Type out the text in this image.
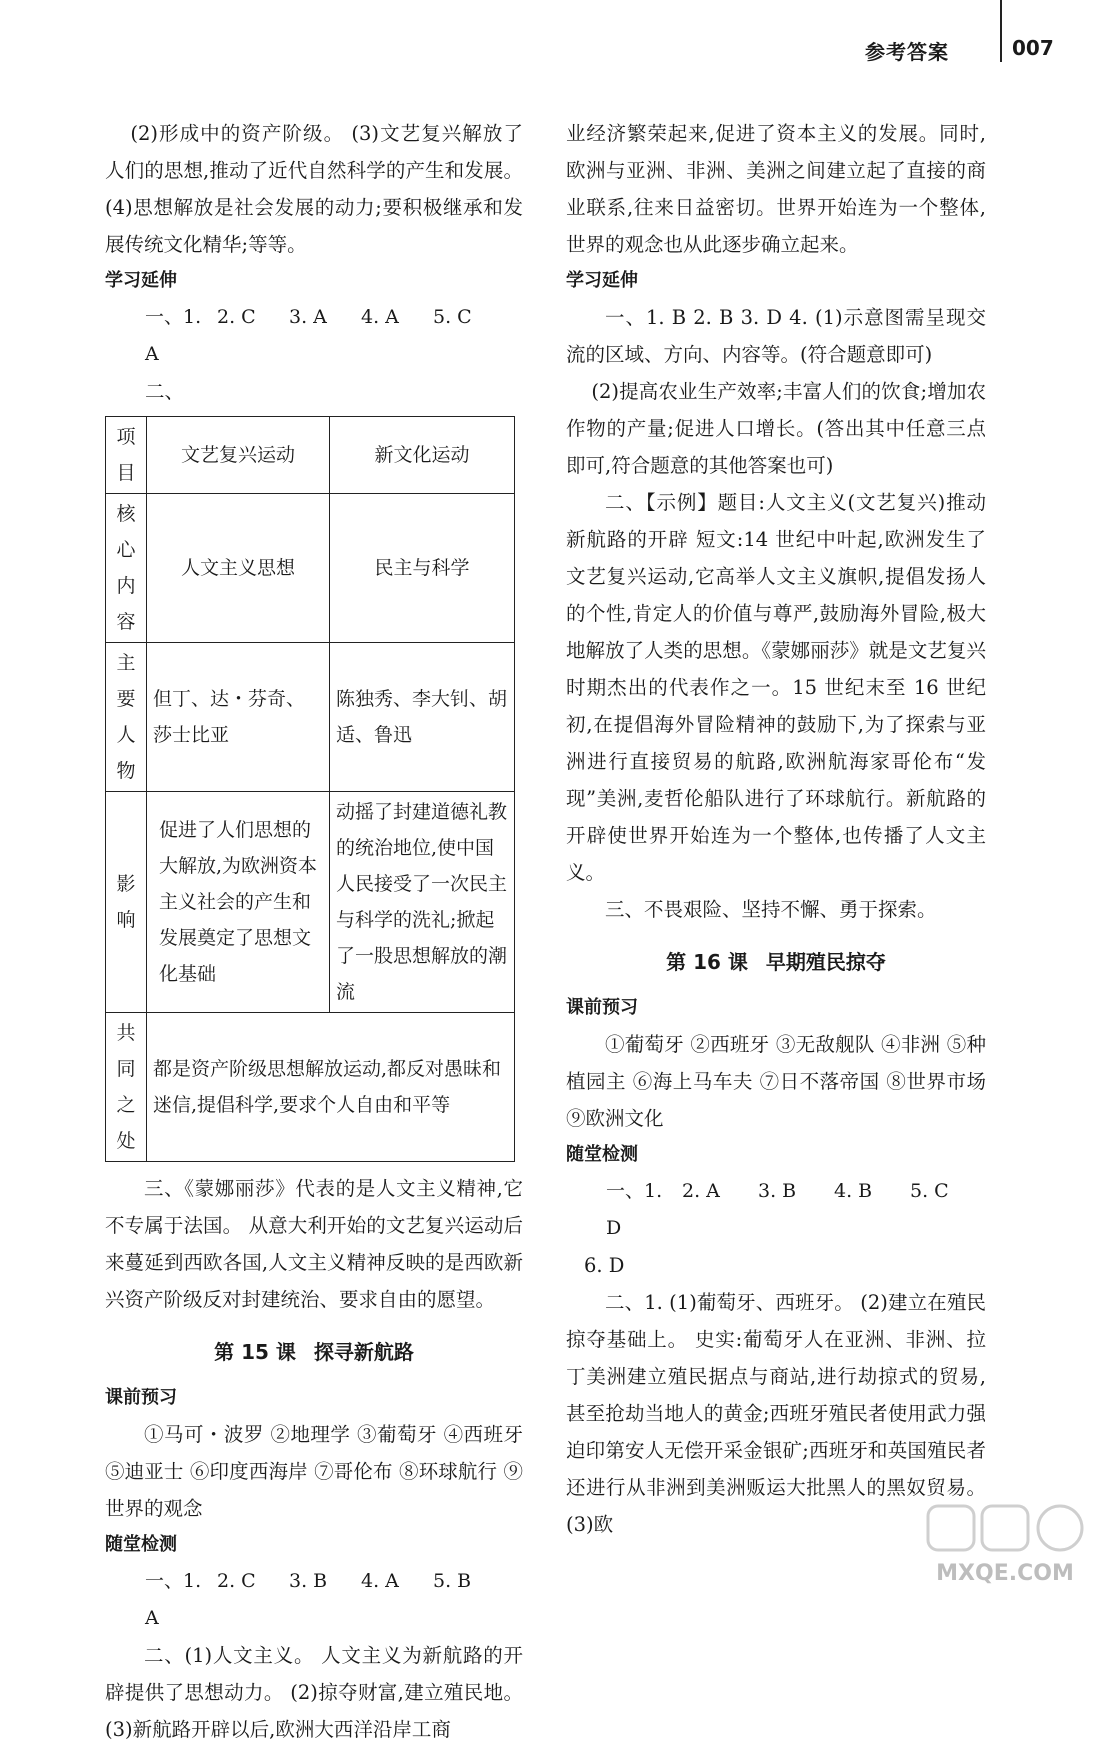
参考答案	007

(2)形成中的资产阶级。 (3)文艺复兴解放了人们的思想,推动了近代自然科学的产生和发展。 (4)思想解放是社会发展的动力;要积极继承和发展传统文化精华;等等。

学习延伸
一、1. A
2. C	3. A	4. A	5. C

二、

项目	文艺复兴运动	新文化运动
核心内容	人文主义思想	民主与科学
主要人物	但丁、达・芬奇、莎士比亚	陈独秀、李大钊、胡适、鲁迅
影响	促进了人们思想的大解放,为欧洲资本主义社会的产生和发展奠定了思想文化基础	动摇了封建道德礼教的统治地位,使中国人民接受了一次民主与科学的洗礼;掀起了一股思想解放的潮流
共同之处	都是资产阶级思想解放运动,都反对愚昧和迷信,提倡科学,要求个人自由和平等	

三、《蒙娜丽莎》代表的是人文主义精神,它不专属于法国。 从意大利开始的文艺复兴运动后来蔓延到西欧各国,人文主义精神反映的是西欧新兴资产阶级反对封建统治、要求自由的愿望。

第 15 课 探寻新航路
课前预习

①马可・波罗 ②地理学 ③葡萄牙 ④西班牙 ⑤迪亚士 ⑥印度西海岸 ⑦哥伦布 ⑧环球航行 ⑨世界的观念

随堂检测
一、1. A
2. C	3. B	4. A	5. B

二、(1)人文主义。 人文主义为新航路的开辟提供了思想动力。 (2)掠夺财富,建立殖民地。 (3)新航路开辟以后,欧洲大西洋沿岸工商

业经济繁荣起来,促进了资本主义的发展。同时,欧洲与亚洲、非洲、美洲之间建立起了直接的商业联系,往来日益密切。世界开始连为一个整体,世界的观念也从此逐步确立起来。

学习延伸

一、1. B 2. B 3. D 4. (1)示意图需呈现交流的区域、方向、内容等。(符合题意即可)

(2)提高农业生产效率;丰富人们的饮食;增加农作物的产量;促进人口增长。(答出其中任意三点即可,符合题意的其他答案也可)

二、【示例】题目:人文主义(文艺复兴)推动新航路的开辟 短文:14 世纪中叶起,欧洲发生了文艺复兴运动,它高举人文主义旗帜,提倡发扬人的个性,肯定人的价值与尊严,鼓励海外冒险,极大地解放了人类的思想。《蒙娜丽莎》就是文艺复兴时期杰出的代表作之一。15 世纪末至 16 世纪初,在提倡海外冒险精神的鼓励下,为了探索与亚洲进行直接贸易的航路,欧洲航海家哥伦布“发现”美洲,麦哲伦船队进行了环球航行。新航路的开辟使世界开始连为一个整体,也传播了人文主义。

三、不畏艰险、坚持不懈、勇于探索。

第 16 课 早期殖民掠夺
课前预习

①葡萄牙 ②西班牙 ③无敌舰队 ④非洲 ⑤种植园主 ⑥海上马车夫 ⑦日不落帝国 ⑧世界市场 ⑨欧洲文化

随堂检测
一、1. D
2. A	3. B	4. B	5. C

6. D

二、1. (1)葡萄牙、西班牙。 (2)建立在殖民掠夺基础上。 史实:葡萄牙人在亚洲、非洲、拉丁美洲建立殖民据点与商站,进行劫掠式的贸易,甚至抢劫当地人的黄金;西班牙殖民者使用武力强迫印第安人无偿开采金银矿;西班牙和英国殖民者还进行从非洲到美洲贩运大批黑人的黑奴贸易。 (3)欧

MXQE.COM
